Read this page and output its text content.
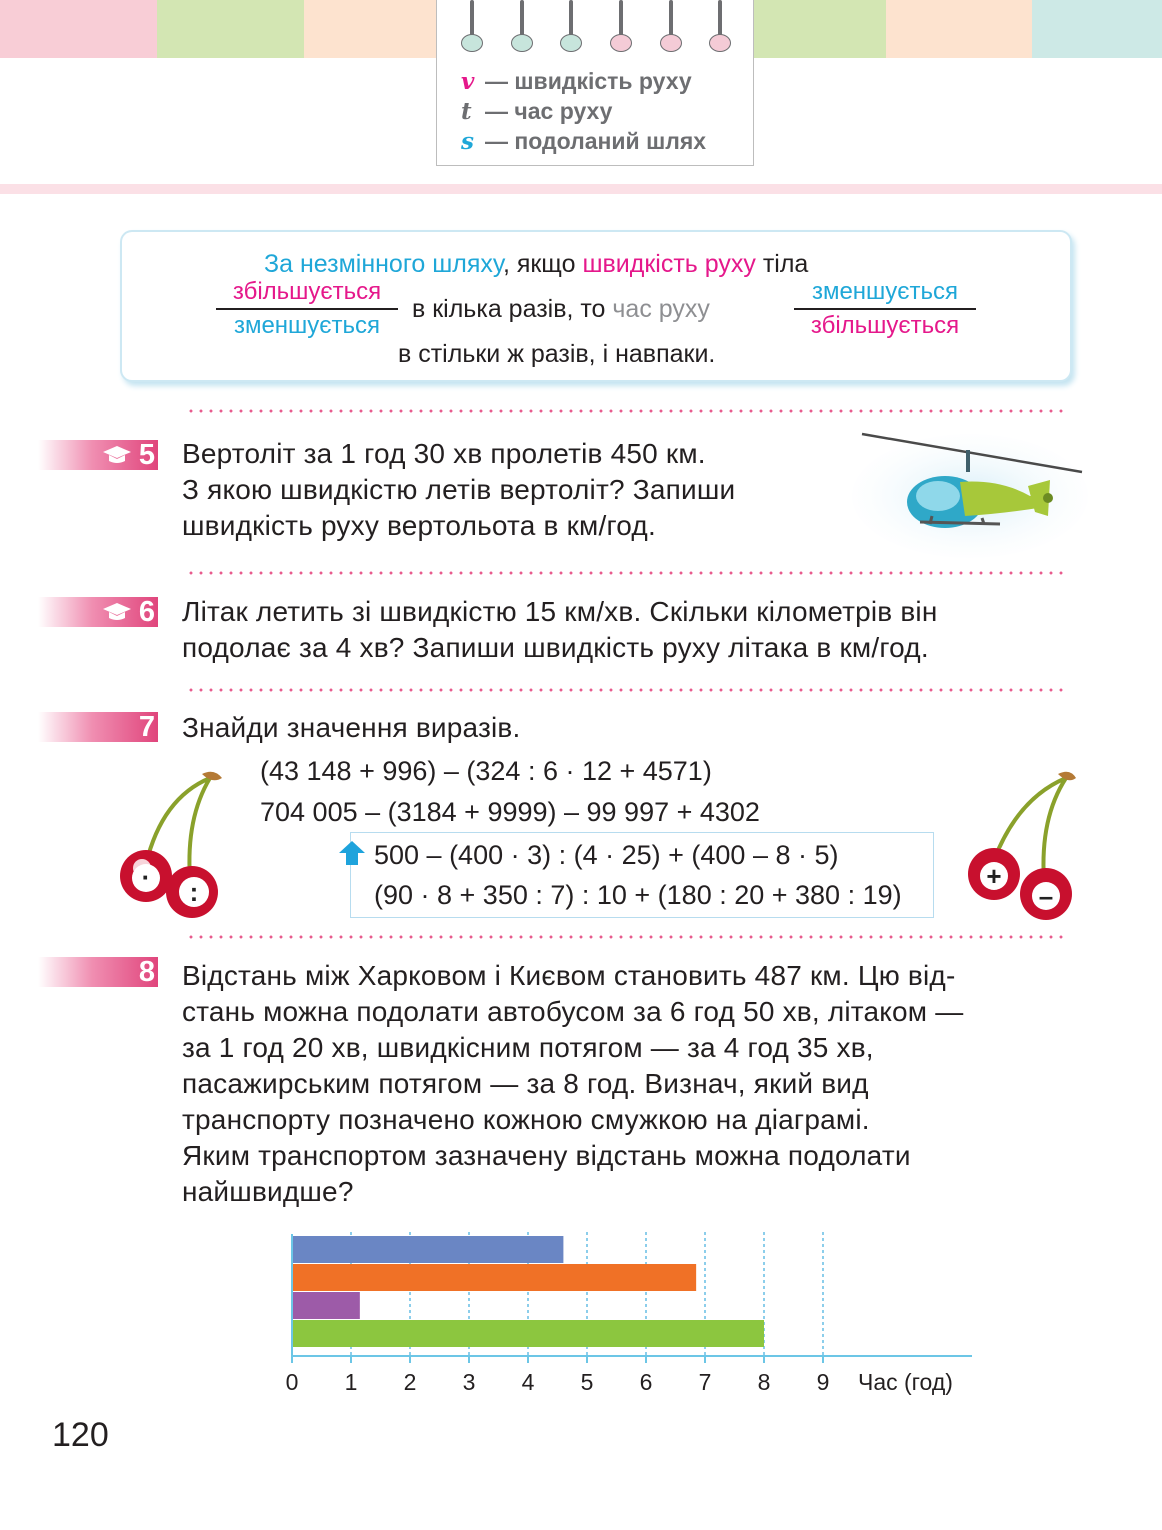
v — швидкість руху
t — час руху
s — подоланий шлях
За незмінного шляху, якщо швидкість руху тіла
збільшується
зменшується
в кілька разів, то час руху
зменшується
збільшується
в стільки ж разів, і навпаки.
5 Вертоліт за 1 год 30 хв пролетів 450 км.
З якою швидкістю летів вертоліт? Запиши
швидкість руху вертольота в км/год.
6 Літак летить зі швидкістю 15 км/хв. Скільки кілометрів він
подолає за 4 хв? Запиши швидкість руху літака в км/год.
7 Знайди значення виразів.
(43 148 + 996) – (324 : 6 · 12 + 4571)
704 005 – (3184 + 9999) – 99 997 + 4302
500 – (400 · 3) : (4 · 25) + (400 – 8 · 5)
(90 · 8 + 350 : 7) : 10 + (180 : 20 + 380 : 19)
· :
+
–
8 Відстань між Харковом і Києвом становить 487 км. Цю від-
стань можна подолати автобусом за 6 год 50 хв, літаком —
за 1 год 20 хв, швидкісним потягом — за 4 год 35 хв,
пасажирським потягом — за 8 год. Визнач, який вид
транспорту позначено кожною смужкою на діаграмі.
Яким транспортом зазначену відстань можна подолати
найшвидше?
0 1 2 3 4 5 6 7 8 9 Час (год)
120
